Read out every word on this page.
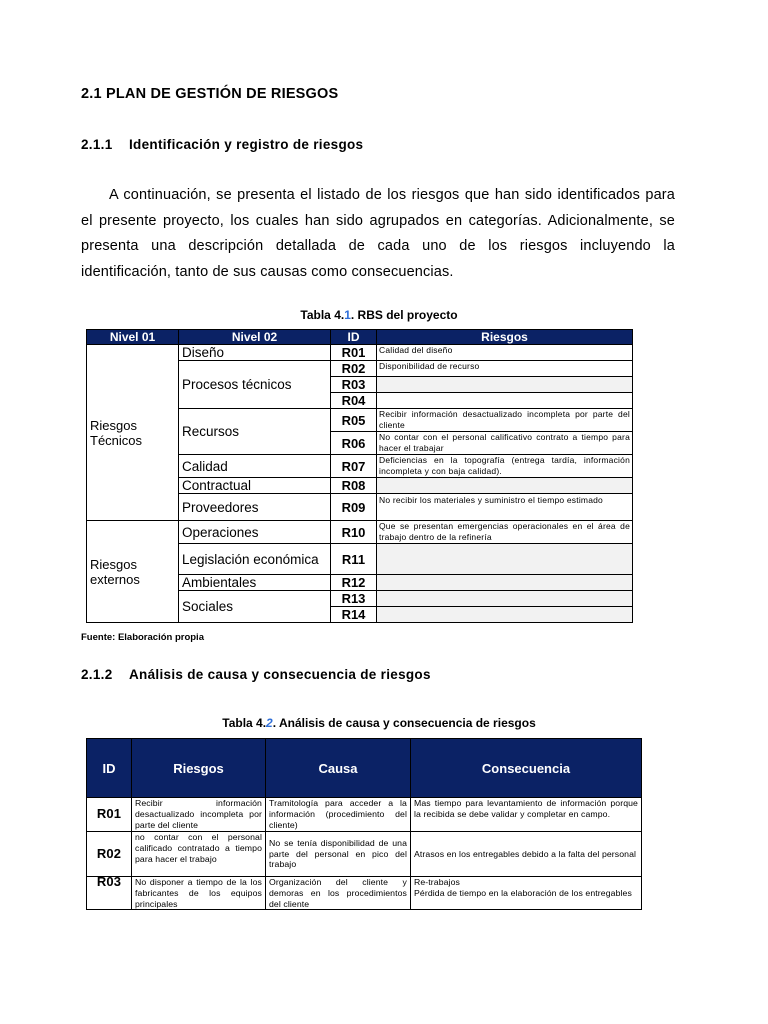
2.1 PLAN DE GESTIÓN DE RIESGOS
2.1.1 Identificación y registro de riesgos
A continuación, se presenta el listado de los riesgos que han sido identificados para el presente proyecto, los cuales han sido agrupados en categorías. Adicionalmente, se presenta una descripción detallada de cada uno de los riesgos incluyendo la identificación, tanto de sus causas como consecuencias.
Tabla 4.1. RBS del proyecto
Nivel 01	Nivel 02	ID	Riesgos
Riesgos Técnicos	Diseño	R01	Calidad del diseño
	Procesos técnicos	R02	Disponibilidad de recurso
		R03	
		R04	
	Recursos	R05	Recibir información desactualizado incompleta por parte del cliente
		R06	No contar con el personal calificativo contrato a tiempo para hacer el trabajar
	Calidad	R07	Deficiencias en la topografía (entrega tardía, información incompleta y con baja calidad).
	Contractual	R08	
	Proveedores	R09	No recibir los materiales y suministro el tiempo estimado

Riesgos externos	Operaciones	R10	Que se presentan emergencias operacionales en el área de trabajo dentro de la refinería
	Legislación económica	R11	
	Ambientales	R12	
	Sociales	R13	
		R14	
Fuente: Elaboración propia
2.1.2 Análisis de causa y consecuencia de riesgos
Tabla 4.2. Análisis de causa y consecuencia de riesgos
ID	Riesgos	Causa	Consecuencia
R01	Recibir información desactualizado incompleta por parte del cliente	Tramitología para acceder a la información (procedimiento del cliente)	Mas tiempo para levantamiento de información porque la recibida se debe validar y completar en campo.
R02	no contar con el personal calificado contratado a tiempo para hacer el trabajo	No se tenía disponibilidad de una parte del personal en pico del trabajo	Atrasos en los entregables debido a la falta del personal
R03	No disponer a tiempo de la los fabricantes de los equipos principales	Organización del cliente y demoras en los procedimientos del cliente	Re-trabajos
Pérdida de tiempo en la elaboración de los entregables
